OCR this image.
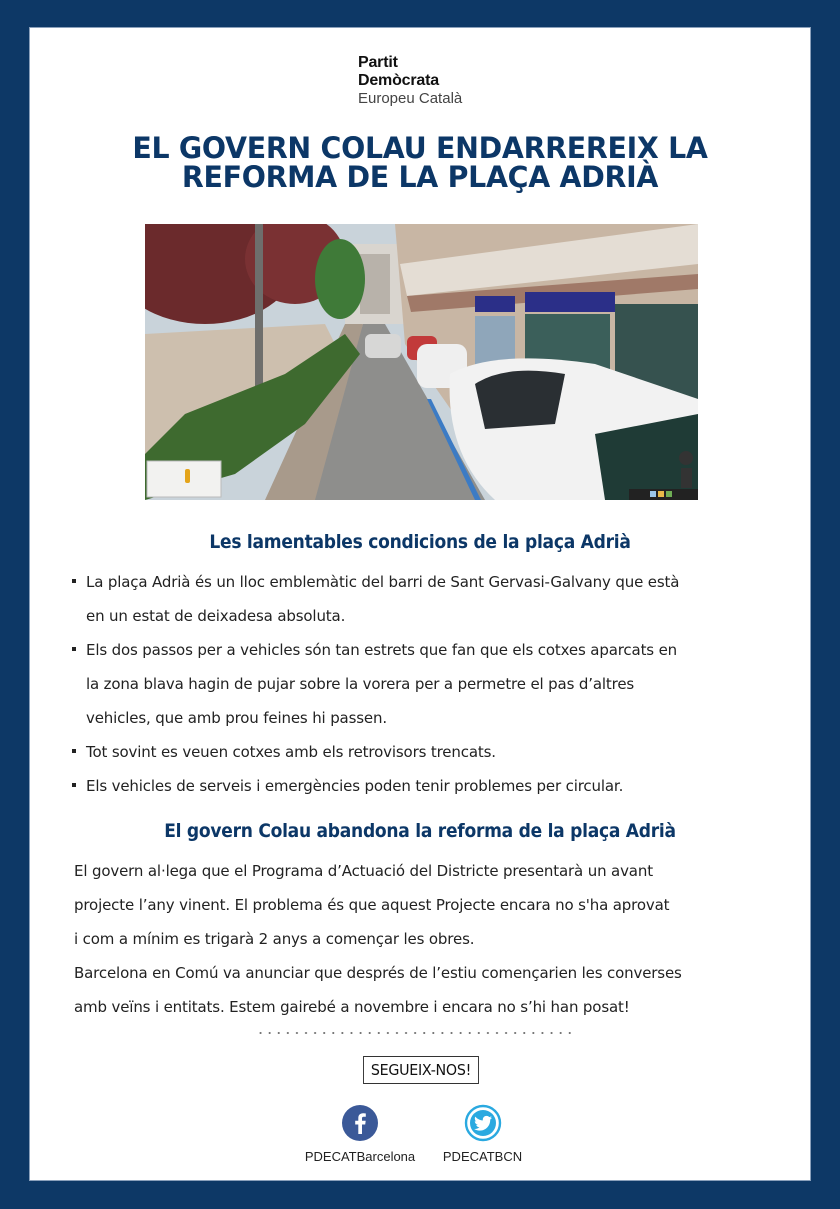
Partit
Demòcrata
Europeu Català
EL GOVERN COLAU ENDARREREIX LA
REFORMA DE LA PLAÇA ADRIÀ
Les lamentables condicions de la plaça Adrià
La plaça Adrià és un lloc emblemàtic del barri de Sant Gervasi-Galvany que està
en un estat de deixadesa absoluta.
Els dos passos per a vehicles són tan estrets que fan que els cotxes aparcats en
la zona blava hagin de pujar sobre la vorera per a permetre el pas d’altres
vehicles, que amb prou feines hi passen.
Tot sovint es veuen cotxes amb els retrovisors trencats.
Els vehicles de serveis i emergències poden tenir problemes per circular.
El govern Colau abandona la reforma de la plaça Adrià
El govern al·lega que el Programa d’Actuació del Districte presentarà un avant
projecte l’any vinent. El problema és que aquest Projecte encara no s'ha aprovat
i com a mínim es trigarà 2 anys a començar les obres.
Barcelona en Comú va anunciar que després de l’estiu començarien les converses
amb veïns i entitats. Estem gairebé a novembre i encara no s’hi han posat!
SEGUEIX-NOS!
PDECATBarcelona	PDECATBCN
